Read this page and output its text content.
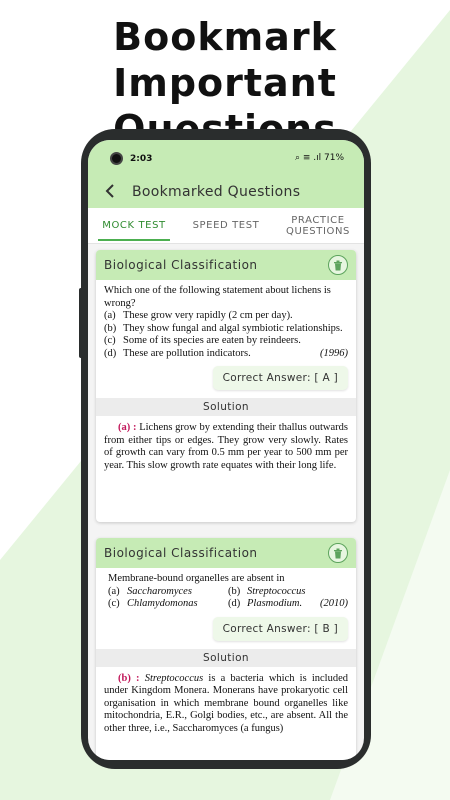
Bookmark Important
2:03	⌕ ≡ .ıl 71%
Bookmarked Questions
MOCK TEST	SPEED TEST	PRACTICE
QUESTIONS
Biological Classification
Which one of the following statement about lichens is wrong?
(a) These grow very rapidly (2 cm per day).
(b) They show fungal and algal symbiotic relationships.
(c) Some of its species are eaten by reindeers.
(d) These are pollution indicators.	(1996)
Correct Answer: [ A ]
Solution
(a) : Lichens grow by extending their thallus outwards from either tips or edges. They grow very slowly. Rates of growth can vary from 0.5 mm per year to 500 mm per year. This slow growth rate equates with their long life.
Biological Classification
Membrane-bound organelles are absent in
(a) Saccharomyces	(b) Streptococcus
(c) Chlamydomonas	(d) Plasmodium.	(2010)
Correct Answer: [ B ]
Solution
(b) : Streptococcus is a bacteria which is included under Kingdom Monera. Monerans have prokaryotic cell organisation in which membrane bound organelles like mitochondria, E.R., Golgi bodies, etc., are absent. All the other three, i.e., Saccharomyces (a fungus)
